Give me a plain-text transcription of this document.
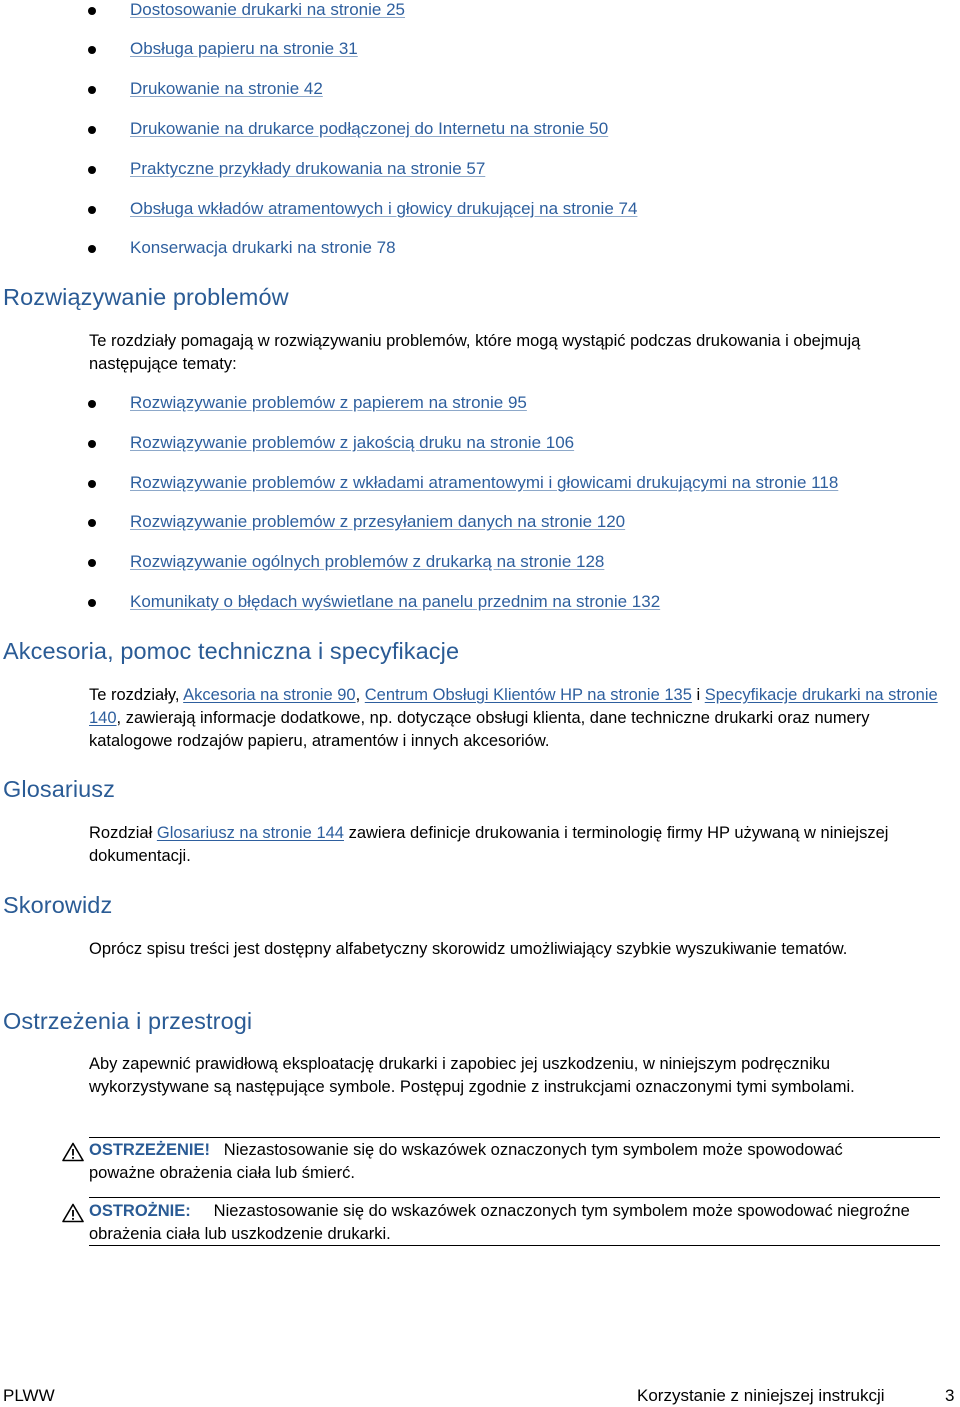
Dostosowanie drukarki na stronie 25
Obsługa papieru na stronie 31
Drukowanie na stronie 42
Drukowanie na drukarce podłączonej do Internetu na stronie 50
Praktyczne przykłady drukowania na stronie 57
Obsługa wkładów atramentowych i głowicy drukującej na stronie 74
Konserwacja drukarki na stronie 78
Rozwiązywanie problemów
Te rozdziały pomagają w rozwiązywaniu problemów, które mogą wystąpić podczas drukowania i obejmują następujące tematy:
Rozwiązywanie problemów z papierem na stronie 95
Rozwiązywanie problemów z jakością druku na stronie 106
Rozwiązywanie problemów z wkładami atramentowymi i głowicami drukującymi na stronie 118
Rozwiązywanie problemów z przesyłaniem danych na stronie 120
Rozwiązywanie ogólnych problemów z drukarką na stronie 128
Komunikaty o błędach wyświetlane na panelu przednim na stronie 132
Akcesoria, pomoc techniczna i specyfikacje
Te rozdziały, Akcesoria na stronie 90, Centrum Obsługi Klientów HP na stronie 135 i Specyfikacje drukarki na stronie 140, zawierają informacje dodatkowe, np. dotyczące obsługi klienta, dane techniczne drukarki oraz numery katalogowe rodzajów papieru, atramentów i innych akcesoriów.
Glosariusz
Rozdział Glosariusz na stronie 144 zawiera definicje drukowania i terminologię firmy HP używaną w niniejszej dokumentacji.
Skorowidz
Oprócz spisu treści jest dostępny alfabetyczny skorowidz umożliwiający szybkie wyszukiwanie tematów.
Ostrzeżenia i przestrogi
Aby zapewnić prawidłową eksploatację drukarki i zapobiec jej uszkodzeniu, w niniejszym podręczniku wykorzystywane są następujące symbole. Postępuj zgodnie z instrukcjami oznaczonymi tymi symbolami.
OSTRZEŻENIE! Niezastosowanie się do wskazówek oznaczonych tym symbolem może spowodować poważne obrażenia ciała lub śmierć.
OSTROŻNIE: Niezastosowanie się do wskazówek oznaczonych tym symbolem może spowodować niegroźne obrażenia ciała lub uszkodzenie drukarki.
PLWW	Korzystanie z niniejszej instrukcji	3
